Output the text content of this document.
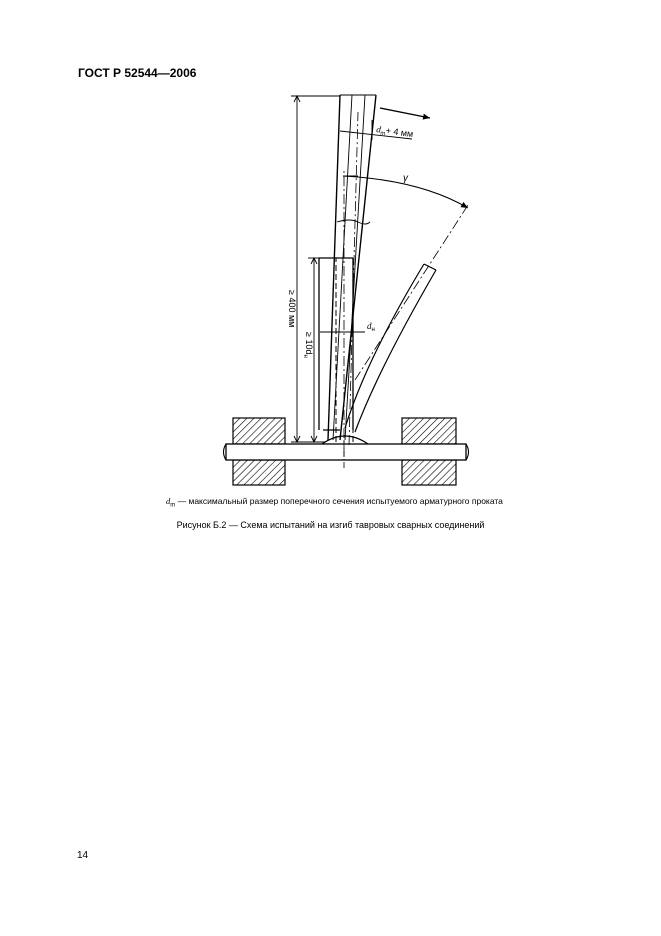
ГОСТ Р 52544—2006
$d_m+ 4$ мм
γ
≥ 400 мм
≥ $10d_н$
$d_н$
$d_m$ — максимальный размер поперечного сечения испытуемого арматурного проката
Рисунок Б.2 — Схема испытаний на изгиб тавровых сварных соединений
14
